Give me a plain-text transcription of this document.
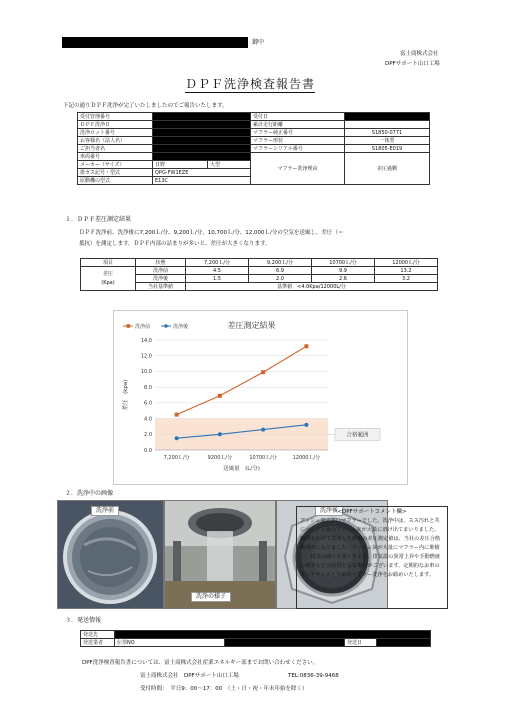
御中
富士商株式会社
DPFサポート山口工場
ＤＰＦ洗浄検査報告書
下記の通りＤＰＦ洗浄が完了いたしましたのでご報告いたします。
受付管理番号			受付日	
ＤＰＦ洗浄日			累計走行距離	
洗浄ロット番号			マフラー純正番号	S1850-0771
お客様名（法人名）			マフラー形状	一体型
ご担当者名			マフラーシリアル番号	S1805-E019
車両番号			マフラー洗浄理由	差圧過剰
メーカー（サイズ）	日野	大型		
排ガス記号・型式	QPG-FW1EZE			
原動機の型式	E13C			
１．ＤＰＦ差圧測定結果
ＤＰＦ洗浄前、洗浄後に7,200Ｌ/分、9,200Ｌ/分、10,700Ｌ/分、12,000Ｌ/分の空気を送風し、差圧（＝
抵抗）を測定します。ＤＰＦ内部の詰まりが多いと、差圧が大きくなります。
項目	状態	7,200Ｌ/分	9,200Ｌ/分	10700Ｌ/分	12000Ｌ/分
差圧
(Kpa)	洗浄前	4.5	6.9	9.9	13.2
	洗浄後	1.5	2.0	2.6	3.2
	当社基準値	基準値　<4.0Kpa/12000L/分			
0.0
2.0
4.0
6.0
8.0
10.0
12.0
14.0
7,200Ｌ/分	9200Ｌ/分	10700Ｌ/分	12000Ｌ/分
差圧測定結果
送風量　(L/分)
差圧　(kpa)
洗浄前	洗浄後
合格範囲
２．洗浄中の画像
洗浄前
洗浄の様子
洗浄後 <DPFサポートコメント欄>
アッシュ灰の多いマフラーでした。洗浄中は、スス汚れと共にベージュ色のアッシュ灰が大量に溶け出てまいりました。時間をかけて洗浄した結果の差圧測定値は、当社の差圧合格範囲内になりました。アッシュ灰が大量にマフラー内に堆積し、排気の通りを悪くすると、排気温の異常上昇や手動燃焼の頻発などの原因となる場合がございます。定期的なお車のメンテナンスと早めのマフラー洗浄をお勧めいたします。
３．発送情報
発送先				
発送業者	伝票NO		発送日	
DPF洗浄検査報告書については、富士商株式会社産業エネルギー部までお問い合わせください。
富士商株式会社　DPFサポート山口工場	TEL:0836-39-9468
受付時間：　平日9：00～17：00　（土・日・祝・年末年始を除く）
